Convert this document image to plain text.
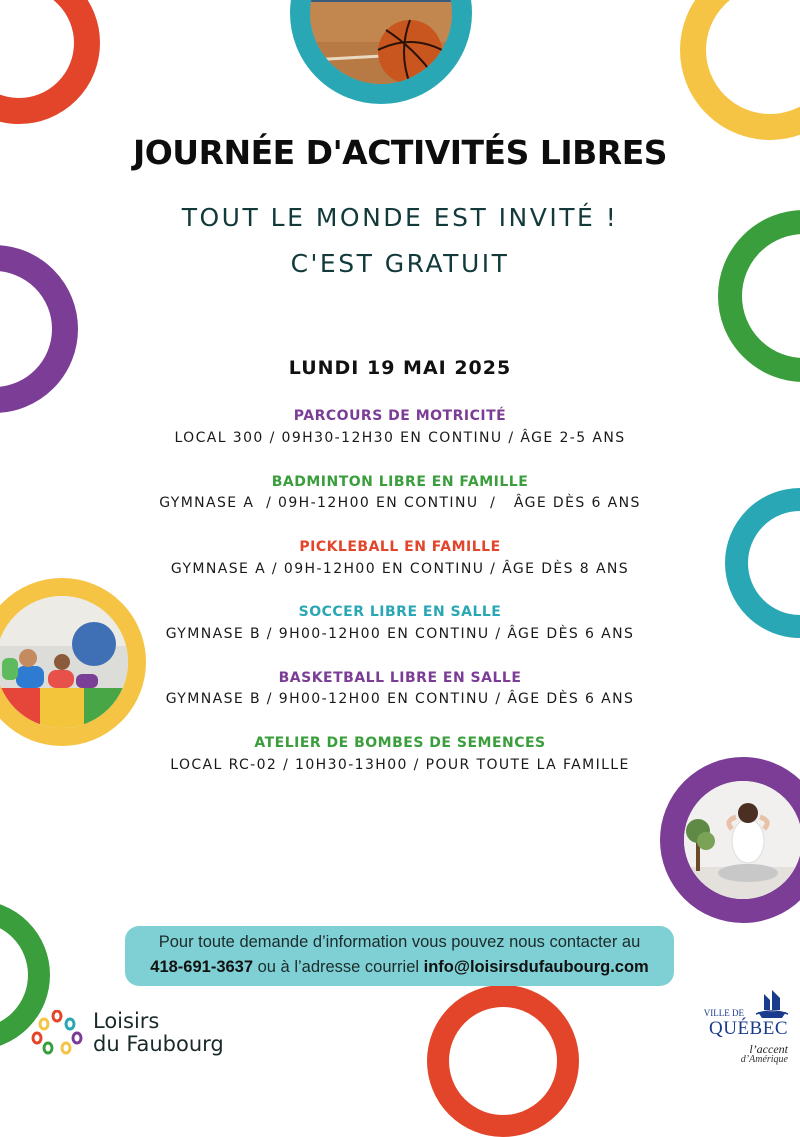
JOURNÉE D'ACTIVITÉS LIBRES
TOUT LE MONDE EST INVITÉ !
C'EST GRATUIT
LUNDI 19 MAI 2025
PARCOURS DE MOTRICITÉ
LOCAL 300 / 09H30-12H30 EN CONTINU / ÂGE 2-5 ANS
BADMINTON LIBRE EN FAMILLE
GYMNASE A  / 09H-12H00 EN CONTINU  /   ÂGE DÈS 6 ANS
PICKLEBALL EN FAMILLE
GYMNASE A / 09H-12H00 EN CONTINU / ÂGE DÈS 8 ANS
SOCCER LIBRE EN SALLE
GYMNASE B / 9H00-12H00 EN CONTINU / ÂGE DÈS 6 ANS
BASKETBALL LIBRE EN SALLE
GYMNASE B / 9H00-12H00 EN CONTINU / ÂGE DÈS 6 ANS
ATELIER DE BOMBES DE SEMENCES
LOCAL RC-02 / 10H30-13H00 / POUR TOUTE LA FAMILLE
Pour toute demande d’information vous pouvez nous contacter au
418-691-3637 ou à l’adresse courriel info@loisirsdufaubourg.com
Loisirs
du Faubourg
VILLE DE
QUÉBEC
l’accent
d’Amérique
